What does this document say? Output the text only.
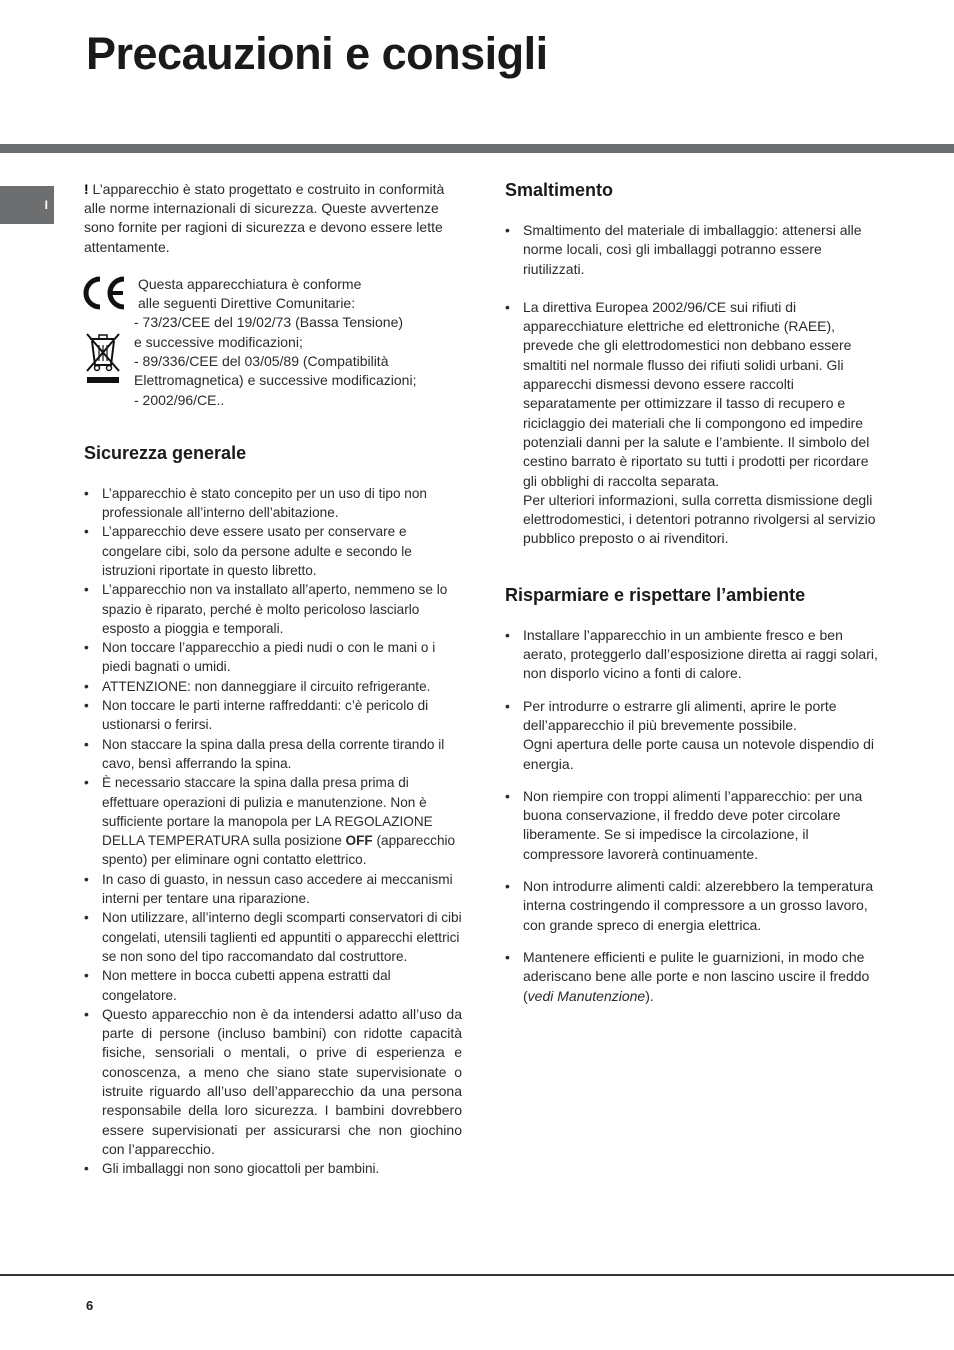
Precauzioni e consigli
I

! L’apparecchio è stato progettato e costruito in conformità alle norme internazionali di sicurezza. Queste avvertenze sono fornite per ragioni di sicurezza e devono essere lette attentamente.

Questa apparecchiatura è conforme
alle seguenti Direttive Comunitarie:
- 73/23/CEE del 19/02/73 (Bassa Tensione)
e successive modificazioni;
- 89/336/CEE del 03/05/89 (Compatibilità
Elettromagnetica) e successive modificazioni;
- 2002/96/CE..
Sicurezza generale
• L’apparecchio è stato concepito per un uso di tipo non professionale all’interno dell’abitazione.
• L’apparecchio deve essere usato per conservare e congelare cibi, solo da persone adulte e secondo le istruzioni riportate in questo libretto.
• L’apparecchio non va installato all’aperto, nemmeno se lo spazio è riparato, perché è molto pericoloso lasciarlo esposto a pioggia e temporali.
• Non toccare l’apparecchio a piedi nudi o con le mani o i piedi bagnati o umidi.
• ATTENZIONE: non danneggiare il circuito refrigerante.
• Non toccare le parti interne raffreddanti: c’è pericolo di ustionarsi o ferirsi.
• Non staccare la spina dalla presa della corrente tirando il cavo, bensì afferrando la spina.
• È necessario staccare la spina dalla presa prima di effettuare operazioni di pulizia e manutenzione. Non è sufficiente portare la manopola per LA REGOLAZIONE DELLA TEMPERATURA sulla posizione OFF (apparecchio spento) per eliminare ogni contatto elettrico.
• In caso di guasto, in nessun caso accedere ai meccanismi interni per tentare una riparazione.
• Non utilizzare, all’interno degli scomparti conservatori di cibi congelati, utensili taglienti ed appuntiti o apparecchi elettrici se non sono del tipo raccomandato dal costruttore.
• Non mettere in bocca cubetti appena estratti dal congelatore.
• Questo apparecchio non è da intendersi adatto all’uso da parte di persone (incluso bambini) con ridotte capacità fisiche, sensoriali o mentali, o prive di esperienza e conoscenza, a meno che siano state supervisionate o istruite riguardo all’uso dell’apparecchio da una persona responsabile della loro sicurezza. I bambini dovrebbero essere supervisionati per assicurarsi che non giochino con l’apparecchio.
• Gli imballaggi non sono giocattoli per bambini.
Smaltimento
• Smaltimento del materiale di imballaggio: attenersi alle norme locali, così gli imballaggi potranno essere riutilizzati.
• La direttiva Europea 2002/96/CE sui rifiuti di apparecchiature elettriche ed elettroniche (RAEE), prevede che gli elettrodomestici non debbano essere smaltiti nel normale flusso dei rifiuti solidi urbani. Gli apparecchi dismessi devono essere raccolti separatamente per ottimizzare il tasso di recupero e riciclaggio dei materiali che li compongono ed impedire potenziali danni per la salute e l’ambiente. Il simbolo del cestino barrato è riportato su tutti i prodotti per ricordare gli obblighi di raccolta separata.
Per ulteriori informazioni, sulla corretta dismissione degli elettrodomestici, i detentori potranno rivolgersi al servizio pubblico preposto o ai rivenditori.
Risparmiare e rispettare l’ambiente
• Installare l’apparecchio in un ambiente fresco e ben aerato, proteggerlo dall’esposizione diretta ai raggi solari, non disporlo vicino a fonti di calore.
• Per introdurre o estrarre gli alimenti, aprire le porte dell’apparecchio il più brevemente possibile.
Ogni apertura delle porte causa un notevole dispendio di energia.
• Non riempire con troppi alimenti l’apparecchio: per una buona conservazione, il freddo deve poter circolare liberamente. Se si impedisce la circolazione, il compressore lavorerà continuamente.
• Non introdurre alimenti caldi: alzerebbero la temperatura interna costringendo il compressore a un grosso lavoro, con grande spreco di energia elettrica.
• Mantenere efficienti e pulite le guarnizioni, in modo che aderiscano bene alle porte e non lascino uscire il freddo (vedi Manutenzione).
6
